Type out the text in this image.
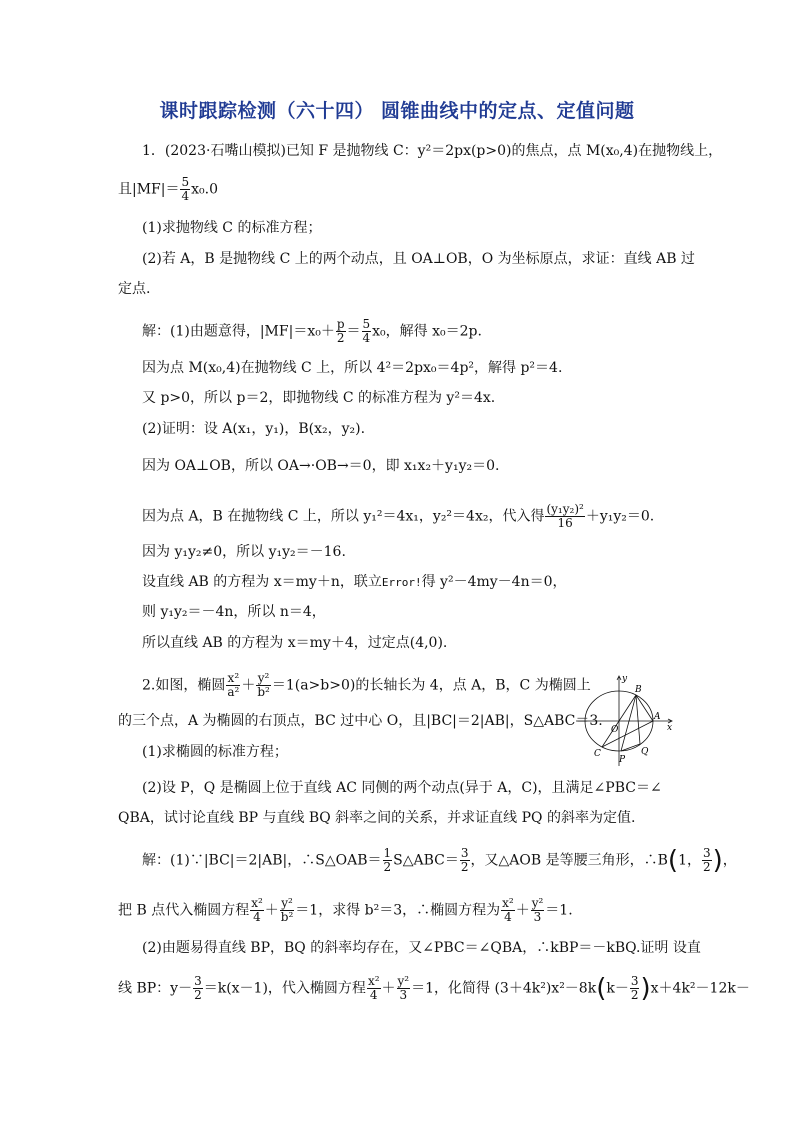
课时跟踪检测（六十四） 圆锥曲线中的定点、定值问题
1．(2023·石嘴山模拟)已知 F 是抛物线 C：y²＝2px(p>0)的焦点，点 M(x₀,4)在抛物线上，
且$|MF|= \frac{5}{4} x_0.0$
(1)求抛物线 C 的标准方程；
(2)若 A，B 是抛物线 C 上的两个动点，且 OA⊥OB，O 为坐标原点，求证：直线 AB 过
定点.
解：(1)由题意得，$|MF|=x_0+ \frac{p}{2} = \frac{5}{4} x_0$，解得 x₀＝2p.
因为点 M(x₀,4)在抛物线 C 上，所以 4²＝2px₀＝4p²，解得 p²＝4.
又 p>0，所以 p＝2，即抛物线 C 的标准方程为 y²＝4x.
(2)证明：设 A(x₁，y₁)，B(x₂，y₂).
因为 OA⊥OB，所以 OA→·OB→＝0，即 x₁x₂＋y₁y₂＝0.
因为点 A，B 在抛物线 C 上，所以 y₁²＝4x₁，y₂²＝4x₂，代入得 $\frac{\text{(y₁y₂)²}}{16} +y_1y_2=0$.
因为 y₁y₂≠0，所以 y₁y₂＝－16.
设直线 AB 的方程为 x＝my＋n，联立Error!得 y²－4my－4n＝0，
则 y₁y₂＝－4n，所以 n＝4，
所以直线 AB 的方程为 x＝my＋4，过定点(4,0).
2.如图，椭圆 $\frac{\text{x²}}{\text{a²}} + \frac{\text{y²}}{\text{b²}} =1(a>b>0)$的长轴长为 4，点 A，B，C 为椭圆上
的三个点，A 为椭圆的右顶点，BC 过中心 O，且|BC|＝2|AB|，S△ABC＝3.
(1)求椭圆的标准方程；
(2)设 P，Q 是椭圆上位于直线 AC 同侧的两个动点(异于 A，C)，且满足∠PBC＝∠
QBA，试讨论直线 BP 与直线 BQ 斜率之间的关系，并求证直线 PQ 的斜率为定值.
解：(1)∵|BC|＝2|AB|，∴S△OAB＝ $\frac{1}{2}$ S△ABC＝ $\frac{3}{2}$ ，又△AOB 是等腰三角形，∴B(1， $\frac{3}{2}$ )，
把 B 点代入椭圆方程 $\frac{\text{x²}}{4} + \frac{\text{y²}}{\text{b²}} =1$，求得 b²＝3，∴椭圆方程为 $\frac{\text{x²}}{4} + \frac{\text{y²}}{3} =1$.
(2)由题易得直线 BP，BQ 的斜率均存在，又∠PBC＝∠QBA，∴kBP＝－kBQ.证明 设直
线 BP：$y- \frac{3}{2} =k(x-1)$，代入椭圆方程 $\frac{\text{x²}}{4} + \frac{\text{y²}}{3} =1$，化简得 $(3+4k^2)x^2-8k(k- \frac{3}{2} )x+4k^2-12k-$
y
x
B
A
O
C
P
Q
